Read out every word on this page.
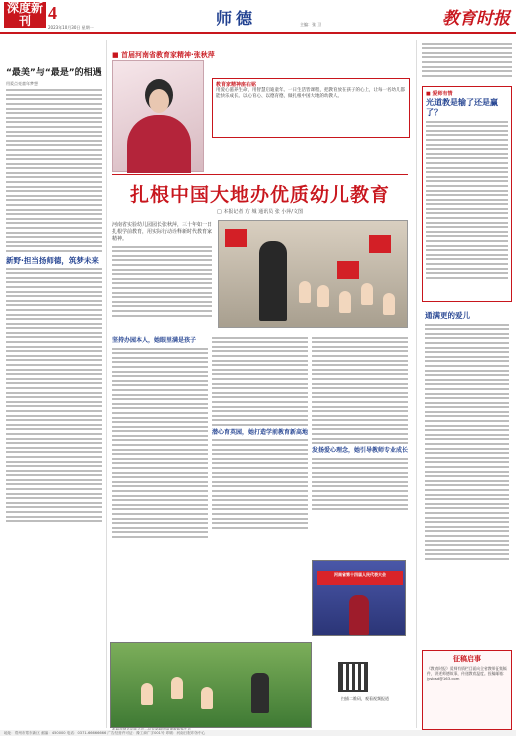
深度新刊 4
2023年10月30日 星期一	师德	主编：张 卫	教育时报
“最美”与“最是”的相遇
用爱点亮童年梦想
新野·担当扬师德，筑梦未来
■ 首届河南省教育家精神·张秋萍
教育家精神座右铭
用爱心滋养生命，用智慧启迪童年。一日生活皆课程，把教育放在孩子的心上，让每一名幼儿都能快乐成长。以心育心、以德育德，做扎根中国大地的幼教人。
扎根中国大地办优质幼儿教育
□ 本报记者 方 城 通讯员 张 小萍/文图
河南省实验幼儿园园长张秋萍，三十年如一日扎根学前教育，用实际行动诠释新时代教育家精神。
坚持办园本人，她眼里满是孩子
潜心育英园，她打造学前教育新高地
发扬爱心理念，她引导教师专业成长
河南省第十四届人民代表大会
扫描二维码，观看视频报道
■ 爱师有情
光道教是输了还是赢了？
通满更的爱儿
征稿启事
《教育时报》爱师有情栏目面向全省教师征集稿件，讲述师德故事，传递教育温度。投稿邮箱：jysbsd@163.com
地址：郑州市郑东新区 邮编：450000 电话：0371-66666666 广告经营许可证：豫工商广字001号 印刷：河南日报印务中心
